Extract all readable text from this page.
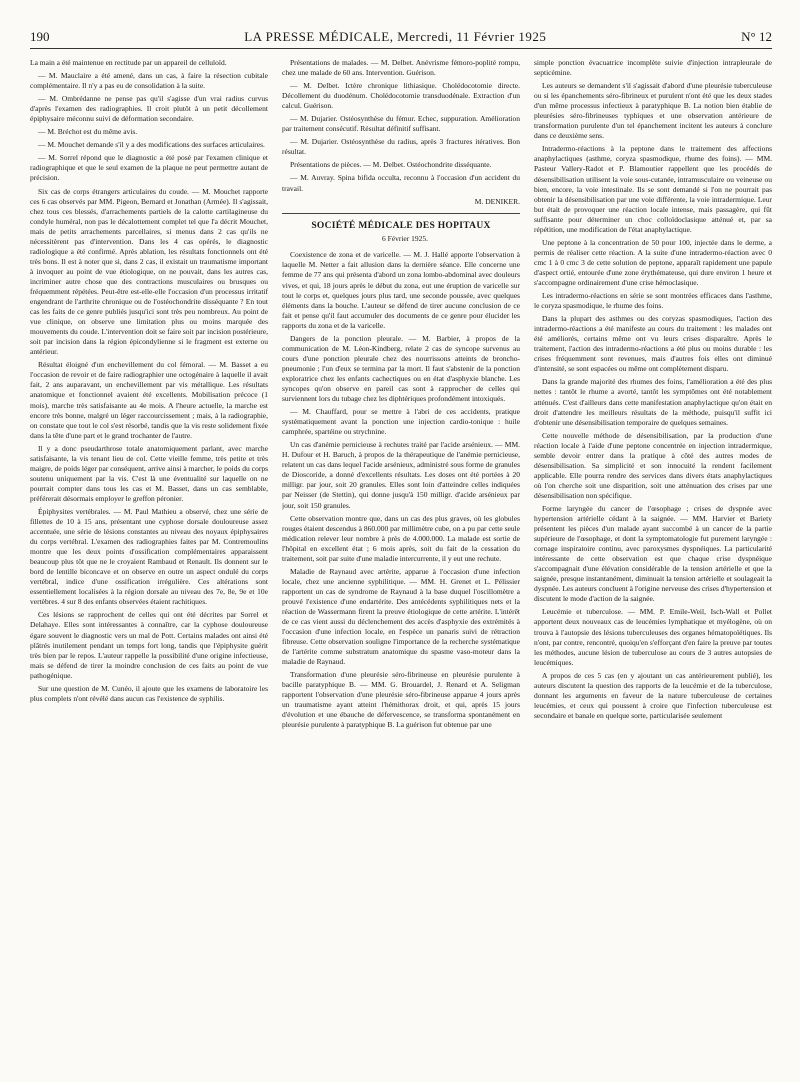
190	LA PRESSE MÉDICALE, Mercredi, 11 Février 1925	N° 12

La main a été maintenue en rectitude par un appareil de celluloïd.

— M. Mauclaire a été amené, dans un cas, à faire la résection cubitale complémentaire. Il n'y a pas eu de consolidation à la suite.

— M. Ombrédanne ne pense pas qu'il s'agisse d'un vrai radius curvus d'après l'examen des radiographies. Il croit plutôt à un petit décollement épiphysaire méconnu suivi de déformation secondaire.

— M. Bréchot est du même avis.

— M. Mouchet demande s'il y a des modifications des surfaces articulaires.

— M. Sorrel répond que le diagnostic a été posé par l'examen clinique et radiographique et que le seul examen de la plaque ne peut permettre autant de précision.

Six cas de corps étrangers articulaires du coude. — M. Mouchet rapporte ces 6 cas observés par MM. Pigeon, Bernard et Jonathan (Armée). Il s'agissait, chez tous ces blessés, d'arrachements partiels de la calotte cartilagineuse du condyle huméral, non pas le décalottement complet tel que l'a décrit Mouchet, mais de petits arrachements parcellaires, si menus dans 2 cas qu'ils ne nécessitèrent pas d'intervention. Dans les 4 cas opérés, le diagnostic radiologique a été confirmé. Après ablation, les résultats fonctionnels ont été très bons. Il est à noter que si, dans 2 cas, il existait un traumatisme important à invoquer au point de vue étiologique, on ne pouvait, dans les autres cas, incriminer autre chose que des contractions musculaires ou brusques ou fréquemment répétées. Peut-être est-elle-elle l'occasion d'un processus irritatif engendrant de l'arthrite chronique ou de l'ostéochondrite disséquante ? En tout cas les faits de ce genre publiés jusqu'ici sont très peu nombreux. Au point de vue clinique, on observe une limitation plus ou moins marquée des mouvements du coude. L'intervention doit se faire soit par incision postérieure, soit par incision dans la région épicondylienne si le fragment est externe ou antérieur.

Résultat éloigné d'un enchevillement du col fémoral. — M. Basset a eu l'occasion de revoir et de faire radiographier une octogénaire à laquelle il avait fait, 2 ans auparavant, un enchevillement par vis métallique. Les résultats anatomique et fonctionnel avaient été excellents. Mobilisation précoce (1 mois), marche très satisfaisante au 4e mois. A l'heure actuelle, la marche est encore très bonne, malgré un léger raccourcissement ; mais, à la radiographie, on constate que tout le col s'est résorbé, tandis que la vis reste solidement fixée dans la tête d'une part et le grand trochanter de l'autre.

Il y a donc pseudarthrose totale anatomiquement parlant, avec marche satisfaisante, la vis tenant lieu de col. Cette vieille femme, très petite et très maigre, de poids léger par conséquent, arrive ainsi à marcher, le poids du corps soutenu uniquement par la vis. C'est là une éventualité sur laquelle on ne pourrait compter dans tous les cas et M. Basset, dans un cas semblable, préférerait désormais employer le greffon péronier.

Épiphysites vertébrales. — M. Paul Mathieu a observé, chez une série de fillettes de 10 à 15 ans, présentant une cyphose dorsale douloureuse assez accentuée, une série de lésions constantes au niveau des noyaux épiphysaires du corps vertébral. L'examen des radiographies faites par M. Contremoulins montre que les deux points d'ossification complémentaires apparaissent beaucoup plus tôt que ne le croyaient Rambaud et Renault. Ils donnent sur le bord de lentille biconcave et on observe en outre un aspect ondulé du corps vertébral, indice d'une ossification irrégulière. Ces altérations sont essentiellement localisées à la région dorsale au niveau des 7e, 8e, 9e et 10e vertèbres. 4 sur 8 des enfants observées étaient rachitiques.

Ces lésions se rapprochent de celles qui ont été décrites par Sorrel et Delahaye. Elles sont intéressantes à connaître, car la cyphose douloureuse égare souvent le diagnostic vers un mal de Pott. Certains malades ont ainsi été plâtrés inutilement pendant un temps fort long, tandis que l'épiphysite guérit très bien par le repos. L'auteur rappelle la possibilité d'une origine infectieuse, mais se défend de tirer la moindre conclusion de ces faits au point de vue pathogénique.

Sur une question de M. Cunéo, il ajoute que les examens de laboratoire les plus complets n'ont révélé dans aucun cas l'existence de syphilis.

Présentations de malades. — M. Delbet. Anévrisme fémoro-poplité rompu, chez une malade de 60 ans. Intervention. Guérison.

— M. Delbet. Ictère chronique lithiasique. Cholédocotomie directe. Décollement du duodénum. Cholédocotomie transduodénale. Extraction d'un calcul. Guérison.

— M. Dujarier. Ostéosynthèse du fémur. Echec, suppuration. Amélioration par traitement consécutif. Résultat définitif suffisant.

— M. Dujarier. Ostéosynthèse du radius, après 3 fractures itératives. Bon résultat.

Présentations de pièces. — M. Delbet. Ostéochondrite disséquante.

— M. Auvray. Spina bifida occulta, reconnu à l'occasion d'un accident du travail.

M. DENIKER.

SOCIÉTÉ MÉDICALE DES HOPITAUX

6 Février 1925.

Coexistence de zona et de varicelle. — M. J. Hallé apporte l'observation à laquelle M. Netter a fait allusion dans la dernière séance. Elle concerne une femme de 77 ans qui présenta d'abord un zona lombo-abdominal avec douleurs vives, et qui, 18 jours après le début du zona, eut une éruption de varicelle sur tout le corps et, quelques jours plus tard, une seconde poussée, avec quelques éléments dans la bouche. L'auteur se défend de tirer aucune conclusion de ce fait et pense qu'il faut accumuler des documents de ce genre pour élucider les rapports du zona et de la varicelle.

Dangers de la ponction pleurale. — M. Barbier, à propos de la communication de M. Léon-Kindberg, relate 2 cas de syncope survenus au cours d'une ponction pleurale chez des nourrissons atteints de broncho-pneumonie ; l'un d'eux se termina par la mort. Il faut s'abstenir de la ponction exploratrice chez les enfants cachectiques ou en état d'asphyxie blanche. Les syncopes qu'on observe en pareil cas sont à rapprocher de celles qui surviennent lors du tubage chez les diphtériques profondément intoxiqués.

— M. Chauffard, pour se mettre à l'abri de ces accidents, pratique systématiquement avant la ponction une injection cardio-tonique : huile camphrée, spartéine ou strychnine.

Un cas d'anémie pernicieuse à rechutes traité par l'acide arsénieux. — MM. H. Dufour et H. Baruch, à propos de la thérapeutique de l'anémie pernicieuse, relatent un cas dans lequel l'acide arsénieux, administré sous forme de granules de Dioscoride, a donné d'excellents résultats. Les doses ont été portées à 20 milligr. par jour, soit 20 granules. Elles sont loin d'atteindre celles indiquées par Neisser (de Stettin), qui donne jusqu'à 150 milligr. d'acide arsénieux par jour, soit 150 granules.

Cette observation montre que, dans un cas des plus graves, où les globules rouges étaient descendus à 860.000 par millimètre cube, on a pu par cette seule médication relever leur nombre à près de 4.000.000. La malade est sortie de l'hôpital en excellent état ; 6 mois après, soit du fait de la cessation du traitement, soit par suite d'une maladie intercurrente, il y eut une rechute.

Maladie de Raynaud avec artérite, apparue à l'occasion d'une infection locale, chez une ancienne syphilitique. — MM. H. Grenet et L. Pélissier rapportent un cas de syndrome de Raynaud à la base duquel l'oscillomètre a prouvé l'existence d'une endartérite. Des antécédents syphilitiques nets et la réaction de Wassermann firent la preuve étiologique de cette artérite. L'intérêt de ce cas vient aussi du déclenchement des accès d'asphyxie des extrémités à l'occasion d'une infection locale, en l'espèce un panaris suivi de rétraction fibreuse. Cette observation souligne l'importance de la recherche systématique de l'artérite comme substratum anatomique du spasme vaso-moteur dans la maladie de Raynaud.

Transformation d'une pleurésie séro-fibrineuse en pleurésie purulente à bacille paratyphique B. — MM. G. Brouardel, J. Renard et A. Seligman rapportent l'observation d'une pleurésie séro-fibrineuse apparue 4 jours après un traumatisme ayant atteint l'hémithorax droit, et qui, après 15 jours d'évolution et une ébauche de défervescence, se transforma spontanément en pleurésie purulente à paratyphique B. La guérison fut obtenue par une

simple ponction évacuatrice incomplète suivie d'injection intrapleurale de septicémine.

Les auteurs se demandent s'il s'agissait d'abord d'une pleurésie tuberculeuse ou si les épanchements séro-fibrineux et purulent n'ont été que les deux stades d'un même processus infectieux à paratyphique B. La notion bien établie de pleurésies séro-fibrineuses typhiques et une observation antérieure de transformation purulente d'un tel épanchement incitent les auteurs à conclure dans ce deuxième sens.

Intradermo-réactions à la peptone dans le traitement des affections anaphylactiques (asthme, coryza spasmodique, rhume des foins). — MM. Pasteur Vallery-Radot et P. Blamoutier rappellent que les procédés de désensibilisation utilisent la voie sous-cutanée, intramusculaire ou veineuse ou bien, encore, la voie intestinale. Ils se sont demandé si l'on ne pourrait pas obtenir la désensibilisation par une voie différente, la voie intradermique. Leur but était de provoquer une réaction locale intense, mais passagère, qui fût suffisante pour déterminer un choc colloïdoclasique atténué et, par sa répétition, une modification de l'état anaphylactique.

Une peptone à la concentration de 50 pour 100, injectée dans le derme, a permis de réaliser cette réaction. A la suite d'une intradermo-réaction avec 0 cmc 1 à 0 cmc 3 de cette solution de peptone, apparaît rapidement une papule d'aspect ortié, entourée d'une zone érythémateuse, qui dure environ 1 heure et s'accompagne ordinairement d'une crise hémoclasique.

Les intradermo-réactions en série se sont montrées efficaces dans l'asthme, le coryza spasmodique, le rhume des foins.

Dans la plupart des asthmes ou des coryzas spasmodiques, l'action des intradermo-réactions a été manifeste au cours du traitement : les malades ont été améliorés, certains même ont vu leurs crises disparaître. Après le traitement, l'action des intradermo-réactions a été plus ou moins durable : les crises fréquemment sont revenues, mais d'autres fois elles ont diminué d'intensité, se sont espacées ou même ont complètement disparu.

Dans la grande majorité des rhumes des foins, l'amélioration a été des plus nettes : tantôt le rhume a avorté, tantôt les symptômes ont été notablement atténués. C'est d'ailleurs dans cette manifestation anaphylactique qu'on était en droit d'attendre les meilleurs résultats de la méthode, puisqu'il suffit ici d'obtenir une désensibilisation temporaire de quelques semaines.

Cette nouvelle méthode de désensibilisation, par la production d'une réaction locale à l'aide d'une peptone concentrée en injection intradermique, semble devoir entrer dans la pratique à côté des autres modes de désensibilisation. Sa simplicité et son innocuité la rendent facilement applicable. Elle pourra rendre des services dans divers états anaphylactiques où l'on cherche soit une disparition, soit une atténuation des crises par une désensibilisation non spécifique.

Forme laryngée du cancer de l'œsophage ; crises de dyspnée avec hypertension artérielle cédant à la saignée. — MM. Harvier et Bariety présentent les pièces d'un malade ayant succombé à un cancer de la partie supérieure de l'œsophage, et dont la symptomatologie fut purement laryngée : cornage inspiratoire continu, avec paroxysmes dyspnéiques. La particularité intéressante de cette observation est que chaque crise dyspnéique s'accompagnait d'une élévation considérable de la tension artérielle et que la saignée, presque instantanément, diminuait la tension artérielle et soulageait la dyspnée. Les auteurs concluent à l'origine nerveuse des crises d'hypertension et discutent le mode d'action de la saignée.

Leucémie et tuberculose. — MM. P. Emile-Weil, Isch-Wall et Pollet apportent deux nouveaux cas de leucémies lymphatique et myélogène, où on trouva à l'autopsie des lésions tuberculeuses des organes hématopoïétiques. Ils n'ont, par contre, rencontré, quoiqu'en s'efforçant d'en faire la preuve par toutes les méthodes, aucune lésion de tuberculose au cours de 3 autres autopsies de leucémiques.

A propos de ces 5 cas (en y ajoutant un cas antérieurement publié), les auteurs discutent la question des rapports de la leucémie et de la tuberculose, donnant les arguments en faveur de la nature tuberculeuse de certaines leucémies, et ceux qui poussent à croire que l'infection tuberculeuse est secondaire et banale en quelque sorte, particularisée seulement
